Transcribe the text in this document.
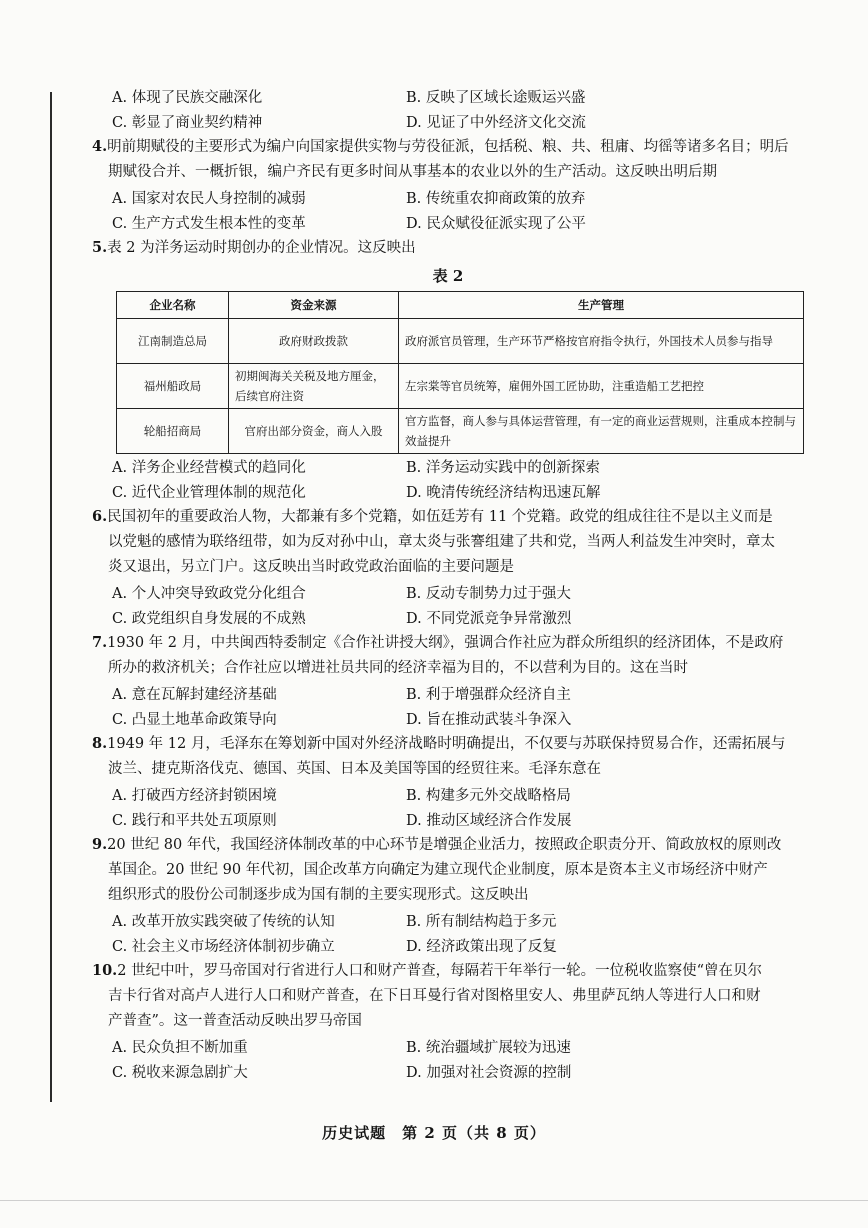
A. 体现了民族交融深化	B. 反映了区域长途贩运兴盛
C. 彰显了商业契约精神	D. 见证了中外经济文化交流
4.明前期赋役的主要形式为编户向国家提供实物与劳役征派，包括税、粮、共、租庸、均徭等诸多名目；明后
期赋役合并、一概折银，编户齐民有更多时间从事基本的农业以外的生产活动。这反映出明后期
A. 国家对农民人身控制的减弱	B. 传统重农抑商政策的放弃
C. 生产方式发生根本性的变革	D. 民众赋役征派实现了公平
5.表 2 为洋务运动时期创办的企业情况。这反映出
表 2
企业名称	资金来源	生产管理
江南制造总局	政府财政拨款	政府派官员管理，生产环节严格按官府指令执行，外国技术人员参与指导
福州船政局	初期闽海关关税及地方厘金，后续官府注资	左宗棠等官员统筹，雇佣外国工匠协助，注重造船工艺把控
轮船招商局	官府出部分资金，商人入股	官方监督，商人参与具体运营管理，有一定的商业运营规则，注重成本控制与效益提升
A. 洋务企业经营模式的趋同化	B. 洋务运动实践中的创新探索
C. 近代企业管理体制的规范化	D. 晚清传统经济结构迅速瓦解
6.民国初年的重要政治人物，大都兼有多个党籍，如伍廷芳有 11 个党籍。政党的组成往往不是以主义而是
以党魁的感情为联络纽带，如为反对孙中山，章太炎与张謇组建了共和党，当两人利益发生冲突时，章太
炎又退出，另立门户。这反映出当时政党政治面临的主要问题是
A. 个人冲突导致政党分化组合	B. 反动专制势力过于强大
C. 政党组织自身发展的不成熟	D. 不同党派竞争异常激烈
7.1930 年 2 月，中共闽西特委制定《合作社讲授大纲》，强调合作社应为群众所组织的经济团体，不是政府
所办的救济机关；合作社应以增进社员共同的经济幸福为目的，不以营利为目的。这在当时
A. 意在瓦解封建经济基础	B. 利于增强群众经济自主
C. 凸显土地革命政策导向	D. 旨在推动武装斗争深入
8.1949 年 12 月，毛泽东在筹划新中国对外经济战略时明确提出，不仅要与苏联保持贸易合作，还需拓展与
波兰、捷克斯洛伐克、德国、英国、日本及美国等国的经贸往来。毛泽东意在
A. 打破西方经济封锁困境	B. 构建多元外交战略格局
C. 践行和平共处五项原则	D. 推动区域经济合作发展
9.20 世纪 80 年代，我国经济体制改革的中心环节是增强企业活力，按照政企职责分开、简政放权的原则改
革国企。20 世纪 90 年代初，国企改革方向确定为建立现代企业制度，原本是资本主义市场经济中财产
组织形式的股份公司制逐步成为国有制的主要实现形式。这反映出
A. 改革开放实践突破了传统的认知	B. 所有制结构趋于多元
C. 社会主义市场经济体制初步确立	D. 经济政策出现了反复
10.2 世纪中叶，罗马帝国对行省进行人口和财产普查，每隔若干年举行一轮。一位税收监察使“曾在贝尔
吉卡行省对高卢人进行人口和财产普查，在下日耳曼行省对图格里安人、弗里萨瓦纳人等进行人口和财
产普查”。这一普查活动反映出罗马帝国
A. 民众负担不断加重	B. 统治疆域扩展较为迅速
C. 税收来源急剧扩大	D. 加强对社会资源的控制
历史试题　第 2 页（共 8 页）
